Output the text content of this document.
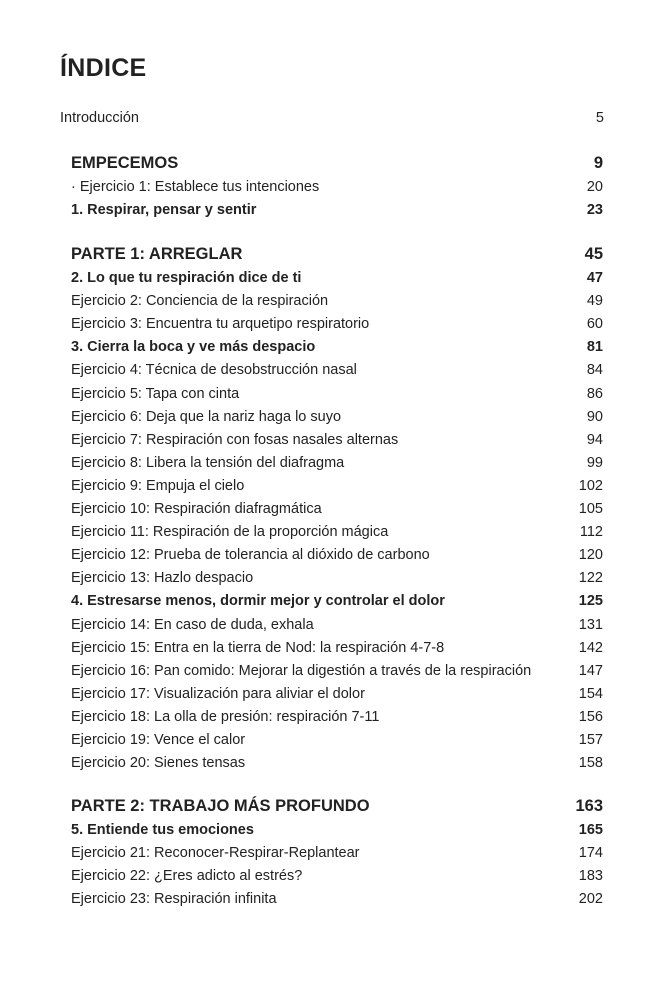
ÍNDICE
Introducción	5
EMPECEMOS	9
· Ejercicio 1: Establece tus intenciones	20
1. Respirar, pensar y sentir	23
PARTE 1: ARREGLAR	45
2. Lo que tu respiración dice de ti	47
Ejercicio 2: Conciencia de la respiración	49
Ejercicio 3: Encuentra tu arquetipo respiratorio	60
3. Cierra la boca y ve más despacio	81
Ejercicio 4: Técnica de desobstrucción nasal	84
Ejercicio 5: Tapa con cinta	86
Ejercicio 6: Deja que la nariz haga lo suyo	90
Ejercicio 7: Respiración con fosas nasales alternas	94
Ejercicio 8: Libera la tensión del diafragma	99
Ejercicio 9: Empuja el cielo	102
Ejercicio 10: Respiración diafragmática	105
Ejercicio 11: Respiración de la proporción mágica	112
Ejercicio 12: Prueba de tolerancia al dióxido de carbono	120
Ejercicio 13: Hazlo despacio	122
4. Estresarse menos, dormir mejor y controlar el dolor	125
Ejercicio 14: En caso de duda, exhala	131
Ejercicio 15: Entra en la tierra de Nod: la respiración 4-7-8	142
Ejercicio 16: Pan comido: Mejorar la digestión a través de la respiración	147
Ejercicio 17: Visualización para aliviar el dolor	154
Ejercicio 18: La olla de presión: respiración 7-11	156
Ejercicio 19: Vence el calor	157
Ejercicio 20: Sienes tensas	158
PARTE 2: TRABAJO MÁS PROFUNDO	163
5. Entiende tus emociones	165
Ejercicio 21: Reconocer-Respirar-Replantear	174
Ejercicio 22: ¿Eres adicto al estrés?	183
Ejercicio 23: Respiración infinita	202
